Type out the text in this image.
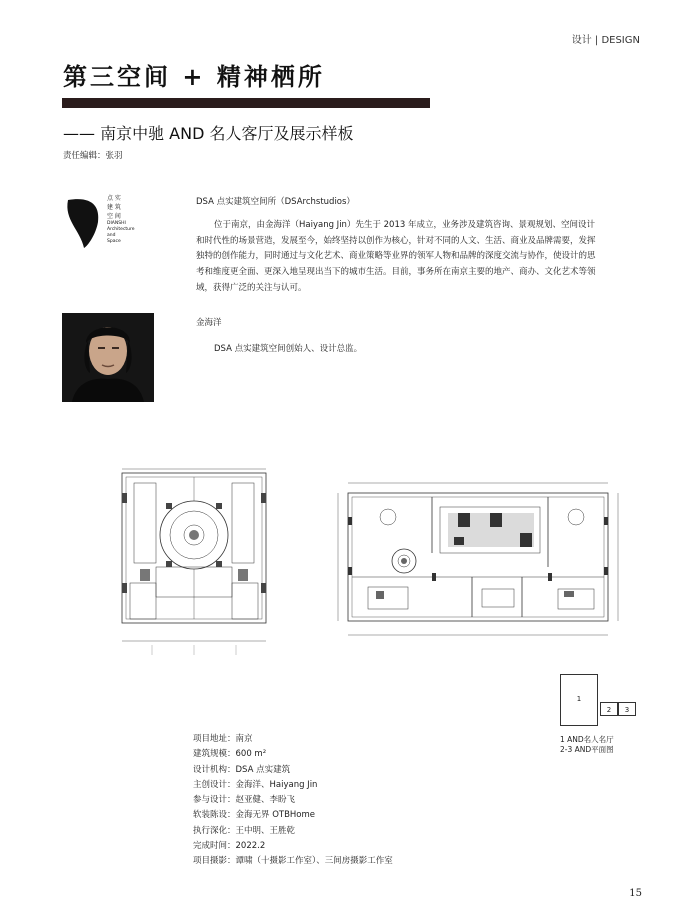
设计 | DESIGN
第三空间 + 精神栖所
—— 南京中驰 AND 名人客厅及展示样板
责任编辑：张羽
点 实
建 筑
空 间
DIANSHI
Architecture
and
Space
DSA 点实建筑空间所（DSArchstudios）
位于南京，由金海洋（Haiyang Jin）先生于 2013 年成立，业务涉及建筑咨询、景观规划、空间设计和时代性的场景营造，发展至今，始终坚持以创作为核心，针对不同的人文、生活、商业及品牌需要，发挥独特的创作能力，同时通过与文化艺术、商业策略等业界的领军人物和品牌的深度交流与协作，使设计的思考和维度更全面、更深入地呈现出当下的城市生活。目前，事务所在南京主要的地产、商办、文化艺术等领域，获得广泛的关注与认可。
金海洋
DSA 点实建筑空间创始人、设计总监。
1
2	3
1 AND名人名厅
2-3 AND平面图
项目地址：南京
建筑规模：600 m²
设计机构：DSA 点实建筑
主创设计：金海洋、Haiyang Jin
参与设计：赵亚健、李盼飞
软装陈设：金海无界 OTBHome
执行深化：王中明、王胜乾
完成时间：2022.2
项目摄影：谭啸（十摄影工作室）、三间房摄影工作室
15
